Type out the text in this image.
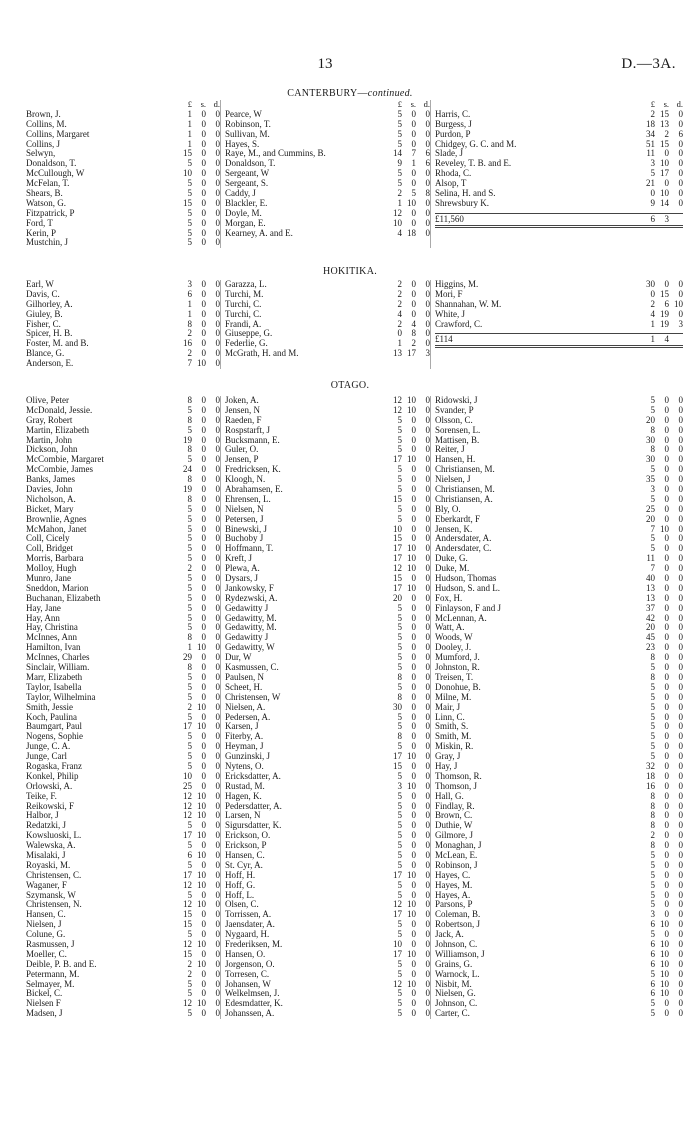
13	D.—3A.
CANTERBURY—continued.
£	s. d.
Brown, J.	1	0	0
Collins, M.	1	0	0
Collins, Margaret	1	0	0
Collins, J	1	0	0
Selwyn,	15	0	0
Donaldson, T.	5	0	0
McCullough, W	10	0	0
McFelan, T.	5	0	0
Shears, B.	5	0	0
Watson, G.	15	0	0
Fitzpatrick, P	5	0	0
Ford, T	5	0	0
Kerin, P	5	0	0
Mustchin, J	5	0	0
£	s. d.
Pearce, W	5	0	0
Robinson, T.	5	0	0
Sullivan, M.	5	0	0
Hayes, S.	5	0	0
Raye, M., and Cummins, B.	14	7	6
Donaldson, T.	9	1	6
Sergeant, W	5	0	0
Sergeant, S.	5	0	0
Caddy, J	2	5	8
Blackler, E.	1 10	0
Doyle, M.	12	0	0
Morgan, E.	10	0	0
Kearney, A. and E.	4 18	0
£	s. d.
Harris, C.	2 15	0
Burgess, J	18 13	0
Purdon, P	34	2	6
Chidgey, G. C. and M.	51 15	0
Slade, J	11	0	0
Reveley, T. B. and E.	3 10	0
Rhoda, C.	5 17	0
Alsop, T	21	0	0
Selina, H. and S.	0 10	0
Shrewsbury K.	9 14	0
£11,560	6	3
HOKITIKA.
Earl, W	3	0	0
Davis, C.	6	0	0
Gilhorley, A.	1	0	0
Giuley, B.	1	0	0
Fisher, C.	8	0	0
Spicer, H. B.	2	0	0
Foster, M. and B.	16	0	0
Blance, G.	2	0	0
Anderson, E.	7 10	0
Garazza, L.	2	0	0
Turchi, M.	2	0	0
Turchi, C.	2	0	0
Turchi, C.	4	0	0
Frandi, A.	2	4	0
Giuseppe, G.	0	8	0
Federlie, G.	1	2	0
McGrath, H. and M.	13 17	3
Higgins, M.	30	0	0
Mori, F	0 15	0
Shannahan, W. M.	2	6 10
White, J	4 19	0
Crawford, C.	1 19	3
£114	1	4
OTAGO.
Olive, Peter	8	0	0
McDonald, Jessie.	5	0	0
Gray, Robert	8	0	0
Martin, Elizabeth	5	0	0
Martin, John	19	0	0
Dickson, John	8	0	0
McCombie, Margaret	5	0	0
McCombie, James	24	0	0
Banks, James	8	0	0
Davies, John	19	0	0
Nicholson, A.	8	0	0
Bicket, Mary	5	0	0
Brownlie, Agnes	5	0	0
McMahon, Janet	5	0	0
Coll, Cicely	5	0	0
Coll, Bridget	5	0	0
Morris, Barbara	5	0	0
Molloy, Hugh	2	0	0
Munro, Jane	5	0	0
Sneddon, Marion	5	0	0
Buchanan, Elizabeth	5	0	0
Hay, Jane	5	0	0
Hay, Ann	5	0	0
Hay, Christina	5	0	0
McInnes, Ann	8	0	0
Hamilton, Ivan	1 10	0
McInnes, Charles	29	0	0
Sinclair, William.	8	0	0
Marr, Elizabeth	5	0	0
Taylor, Isabella	5	0	0
Taylor, Wilhelmina	5	0	0
Smith, Jessie	2 10	0
Koch, Paulina	5	0	0
Baumgart, Paul	17 10	0
Nogens, Sophie	5	0	0
Junge, C. A.	5	0	0
Junge, Carl	5	0	0
Rogaska, Franz	5	0	0
Konkel, Philip	10	0	0
Orlowski, A.	25	0	0
Teike, F.	12 10	0
Reikowski, F	12 10	0
Halbor, J	12 10	0
Redatzki, J	5	0	0
Kowsluoski, L.	17 10	0
Walewska, A.	5	0	0
Misalaki, J	6 10	0
Royaski, M.	5	0	0
Christensen, C.	17 10	0
Waganer, F	12 10	0
Szymansk, W	5	0	0
Christensen, N.	12 10	0
Hansen, C.	15	0	0
Nielsen, J	15	0	0
Colune, G.	5	0	0
Rasmussen, J	12 10	0
Moeller, C.	15	0	0
Deible, P. B. and E.	2 10	0
Petermann, M.	2	0	0
Selmayer, M.	5	0	0
Bickel, C.	5	0	0
Nielsen F	12 10	0
Madsen, J	5	0	0
Joken, A.	12 10	0
Jensen, N	12 10	0
Raeden, F	5	0	0
Rospstarft, J	5	0	0
Bucksmann, E.	5	0	0
Guler, O.	5	0	0
Jensen, P	17 10	0
Fredricksen, K.	5	0	0
Kloogh, N.	5	0	0
Abrahamsen, E.	5	0	0
Ehrensen, L.	15	0	0
Nielsen, N	5	0	0
Petersen, J	5	0	0
Binewski, J	10	0	0
Buchoby J	15	0	0
Hoffmann, T.	17 10	0
Kreft, J	17 10	0
Plewa, A.	12 10	0
Dysars, J	15	0	0
Jankowsky, F	17 10	0
Rydezwski, A.	20	0	0
Gedawitty J	5	0	0
Gedawitty, M.	5	0	0
Gedawitty, M.	5	0	0
Gedawitty J	5	0	0
Gedawitty, W	5	0	0
Dur, W	5	0	0
Kasmussen, C.	5	0	0
Paulsen, N	8	0	0
Scheet, H.	5	0	0
Christensen, W	8	0	0
Nielsen, A.	30	0	0
Pedersen, A.	5	0	0
Karsen, J	5	0	0
Fiterby, A.	8	0	0
Heyman, J	5	0	0
Gunzinski, J	17 10	0
Nytens, O.	15	0	0
Ericksdatter, A.	5	0	0
Rustad, M.	3 10	0
Hagen, K.	5	0	0
Pedersdatter, A.	5	0	0
Larsen, N	5	0	0
Sigursdatter, K.	5	0	0
Erickson, O.	5	0	0
Erickson, P	5	0	0
Hansen, C.	5	0	0
St. Cyr, A.	5	0	0
Hoff, H.	17 10	0
Hoff, G.	5	0	0
Hoff, L.	5	0	0
Olsen, C.	12 10	0
Torrissen, A.	17 10	0
Jaensdater, A.	5	0	0
Nygaard, H.	5	0	0
Frederiksen, M.	10	0	0
Hansen, O.	17 10	0
Jorgenson, O.	5	0	0
Torresen, C.	5	0	0
Johansen, W	12 10	0
Welkelmsen, J.	5	0	0
Edesmdatter, K.	5	0	0
Johanssen, A.	5	0	0
Ridowski, J	5	0	0
Svander, P	5	0	0
Olsson, C.	20	0	0
Sorensen, L.	8	0	0
Mattisen, B.	30	0	0
Reiter, J	8	0	0
Hansen, H.	30	0	0
Christiansen, M.	5	0	0
Nielsen, J	35	0	0
Christiansen, M.	3	0	0
Christiansen, A.	5	0	0
Bly, O.	25	0	0
Eberkardt, F	20	0	0
Jensen, K.	7 10	0
Andersdater, A.	5	0	0
Andersdater, C.	5	0	0
Duke, G.	11	0	0
Duke, M.	7	0	0
Hudson, Thomas	40	0	0
Hudson, S. and L.	13	0	0
Fox, H.	13	0	0
Finlayson, F and J	37	0	0
McLennan, A.	42	0	0
Watt, A.	20	0	0
Woods, W	45	0	0
Dooley, J.	23	0	0
Mumford, J.	8	0	0
Johnston, R.	5	0	0
Treisen, T.	8	0	0
Donohue, B.	5	0	0
Milne, M.	5	0	0
Mair, J	5	0	0
Linn, C.	5	0	0
Smith, S.	5	0	0
Smith, M.	5	0	0
Miskin, R.	5	0	0
Gray, J	5	0	0
Hay, J	32	0	0
Thomson, R.	18	0	0
Thomson, J	16	0	0
Hall, G.	8	0	0
Findlay, R.	8	0	0
Brown, C.	8	0	0
Duthie, W	8	0	0
Gilmore, J	2	0	0
Monaghan, J	8	0	0
McLean, E.	5	0	0
Robinson, J	5	0	0
Hayes, C.	5	0	0
Hayes, M.	5	0	0
Hayes, A.	5	0	0
Parsons, P	5	0	0
Coleman, B.	3	0	0
Robertson, J	6 10	0
Jack, A.	5	0	0
Johnson, C.	6 10	0
Williamson, J	6 10	0
Grains, G.	6 10	0
Warnock, L.	5 10	0
Nisbit, M.	6 10	0
Nielsen, G.	6 10	0
Johnson, C.	5	0	0
Carter, C.	5	0	0
